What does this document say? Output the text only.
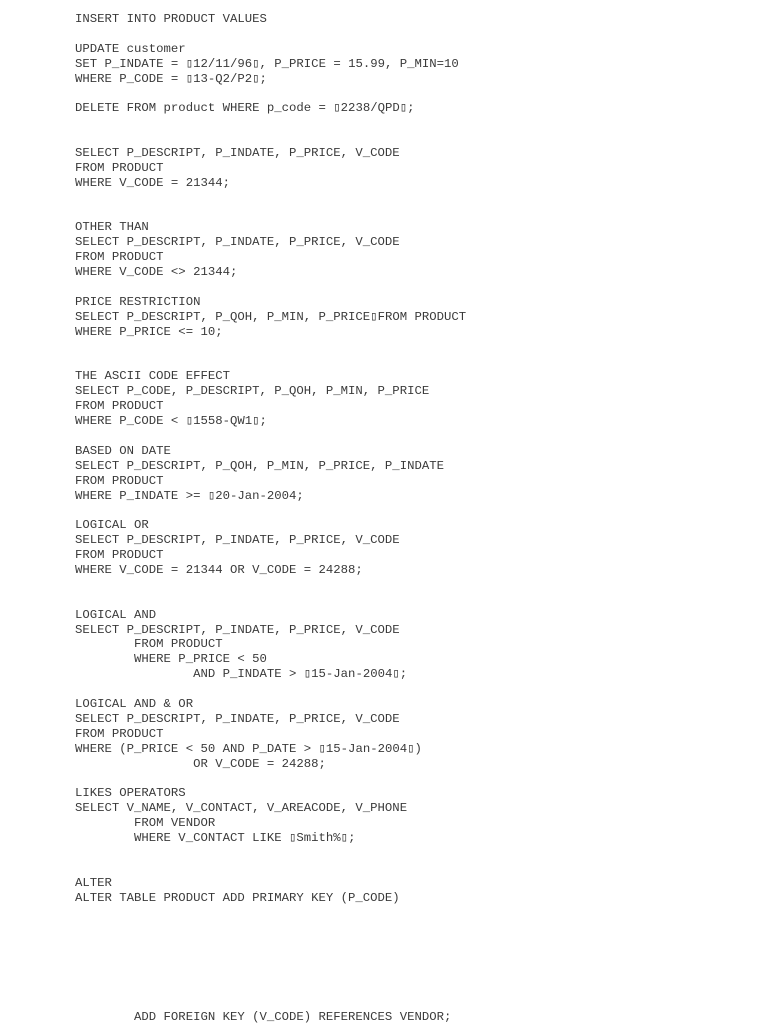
INSERT INTO PRODUCT VALUES
UPDATE customer
SET P_INDATE = ▯12/11/96▯, P_PRICE = 15.99, P_MIN=10
WHERE P_CODE = ▯13-Q2/P2▯;
DELETE FROM product WHERE p_code = ▯2238/QPD▯;
SELECT P_DESCRIPT, P_INDATE, P_PRICE, V_CODE
FROM PRODUCT
WHERE V_CODE = 21344;
OTHER THAN
SELECT P_DESCRIPT, P_INDATE, P_PRICE, V_CODE
FROM PRODUCT
WHERE V_CODE <> 21344;
PRICE RESTRICTION
SELECT P_DESCRIPT, P_QOH, P_MIN, P_PRICE▯FROM PRODUCT
WHERE P_PRICE <= 10;
THE ASCII CODE EFFECT
SELECT P_CODE, P_DESCRIPT, P_QOH, P_MIN, P_PRICE
FROM PRODUCT
WHERE P_CODE < ▯1558-QW1▯;
BASED ON DATE
SELECT P_DESCRIPT, P_QOH, P_MIN, P_PRICE, P_INDATE
FROM PRODUCT
WHERE P_INDATE >= ▯20-Jan-2004;
LOGICAL OR
SELECT P_DESCRIPT, P_INDATE, P_PRICE, V_CODE
FROM PRODUCT
WHERE V_CODE = 21344 OR V_CODE = 24288;
LOGICAL AND
SELECT P_DESCRIPT, P_INDATE, P_PRICE, V_CODE
FROM PRODUCT
WHERE P_PRICE < 50
AND P_INDATE > ▯15-Jan-2004▯;
LOGICAL AND & OR
SELECT P_DESCRIPT, P_INDATE, P_PRICE, V_CODE
FROM PRODUCT
WHERE (P_PRICE < 50 AND P_DATE > ▯15-Jan-2004▯)
OR V_CODE = 24288;
LIKES OPERATORS
SELECT V_NAME, V_CONTACT, V_AREACODE, V_PHONE
FROM VENDOR
WHERE V_CONTACT LIKE ▯Smith%▯;
ALTER
ALTER TABLE PRODUCT ADD PRIMARY KEY (P_CODE)
ADD FOREIGN KEY (V_CODE) REFERENCES VENDOR;
